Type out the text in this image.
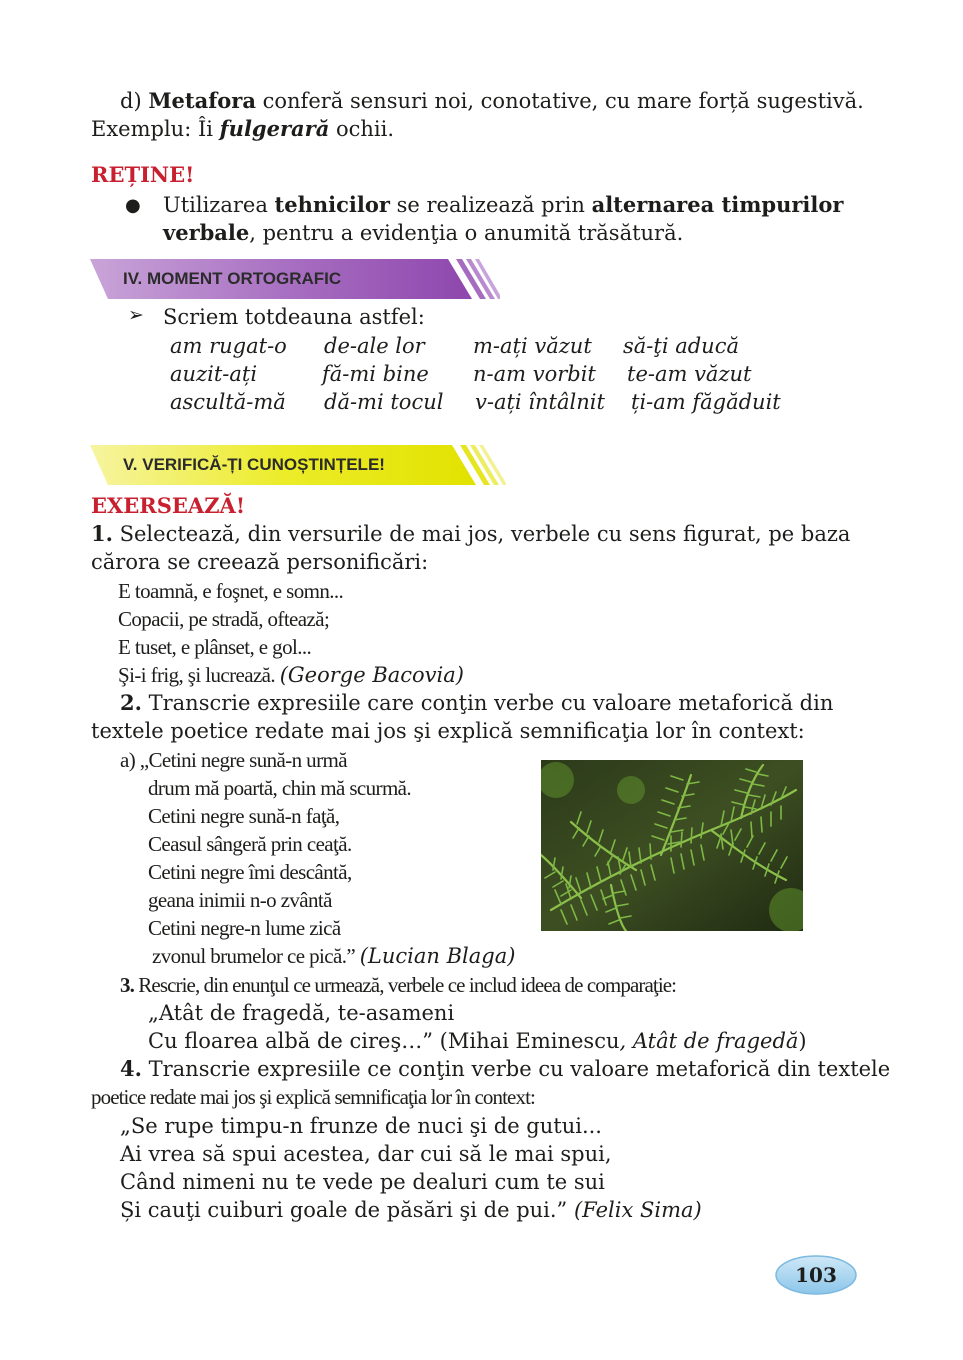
d) Metafora conferă sensuri noi, conotative, cu mare forță sugestivă.
Exemplu: Îi fulgerară ochii.
REȚINE!
● Utilizarea tehnicilor se realizează prin alternarea timpurilor
verbale, pentru a evidenţia o anumită trăsătură.
IV. MOMENT ORTOGRAFIC
➢ Scriem totdeauna astfel:
am rugat-o de-ale lor m-ați văzut să-ţi aducă
auzit-ați	fă-mi bine n-am vorbit te-am văzut
ascultă-mă dă-mi tocul v-ați întâlnit ți-am făgăduit
V. VERIFICĂ-ȚI CUNOȘTINȚELE!
EXERSEAZĂ!
1. Selectează, din versurile de mai jos, verbele cu sens figurat, pe baza
cărora se creează personificări:
E toamnă, e foşnet, e somn...
Copacii, pe stradă, oftează;
E tuset, e plânset, e gol...
Şi-i frig, şi lucrează. (George Bacovia)
2. Transcrie expresiile care conţin verbe cu valoare metaforică din
textele poetice redate mai jos şi explică semnificaţia lor în context:
a) „Cetini negre sună-n urmă
drum mă poartă, chin mă scurmă.
Cetini negre sună-n faţă,
Ceasul sângeră prin ceaţă.
Cetini negre îmi descântă,
geana inimii n-o zvântă
Cetini negre-n lume zică
zvonul brumelor ce pică.” (Lucian Blaga)
3. Rescrie, din enunţul ce urmează, verbele ce includ ideea de comparaţie:
„Atât de fragedă, te-asameni
Cu floarea albă de cireş…” (Mihai Eminescu, Atât de fragedă)
4. Transcrie expresiile ce conţin verbe cu valoare metaforică din textele
poetice redate mai jos şi explică semnificaţia lor în context:
„Se rupe timpu-n frunze de nuci şi de gutui...
Ai vrea să spui acestea, dar cui să le mai spui,
Când nimeni nu te vede pe dealuri cum te sui
Și cauţi cuiburi goale de păsări şi de pui.” (Felix Sima)
103
